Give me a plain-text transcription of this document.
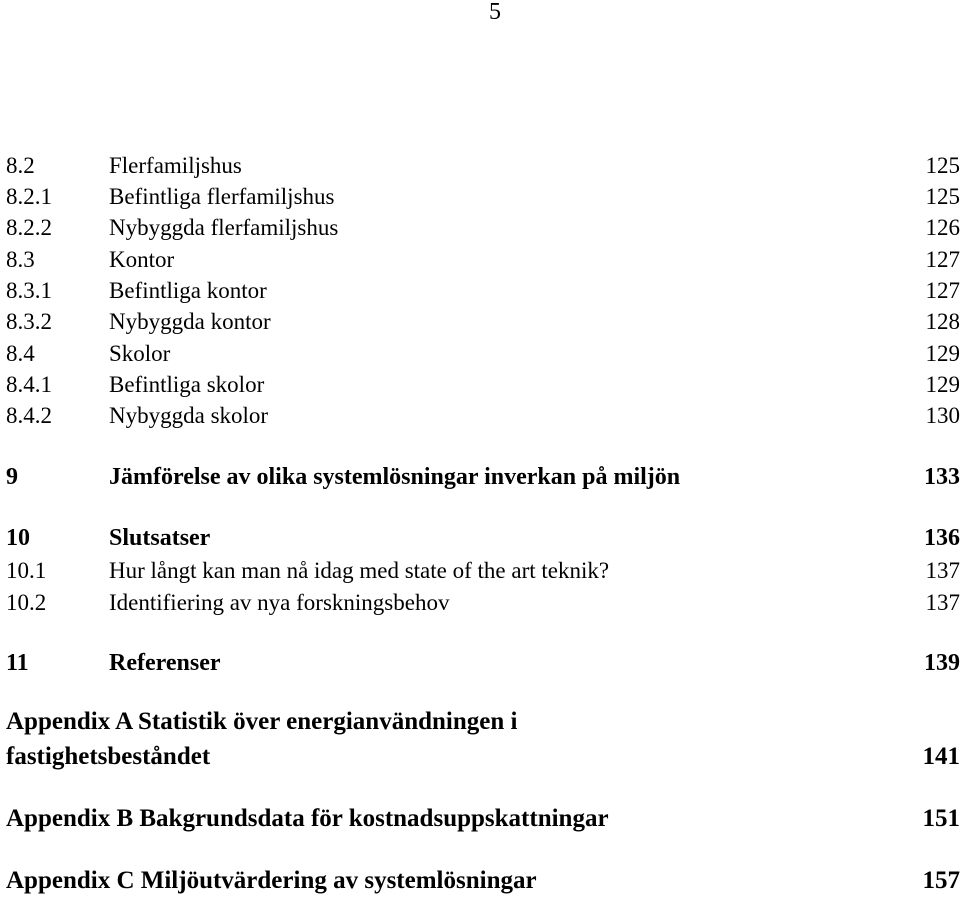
5
8.2	Flerfamiljshus	125
8.2.1 Befintliga flerfamiljshus	125
8.2.2 Nybyggda flerfamiljshus	126
8.3	Kontor	127
8.3.1 Befintliga kontor	127
8.3.2 Nybyggda kontor	128
8.4	Skolor	129
8.4.1 Befintliga skolor	129
8.4.2 Nybyggda skolor	130
9	Jämförelse av olika systemlösningar inverkan på miljön	133
10	Slutsatser	136
10.1	Hur långt kan man nå idag med state of the art teknik?	137
10.2	Identifiering av nya forskningsbehov	137
11	Referenser	139
Appendix A Statistik över energianvändningen i
fastighetsbeståndet	141
Appendix B Bakgrundsdata för kostnadsuppskattningar	151
Appendix C Miljöutvärdering av systemlösningar	157
